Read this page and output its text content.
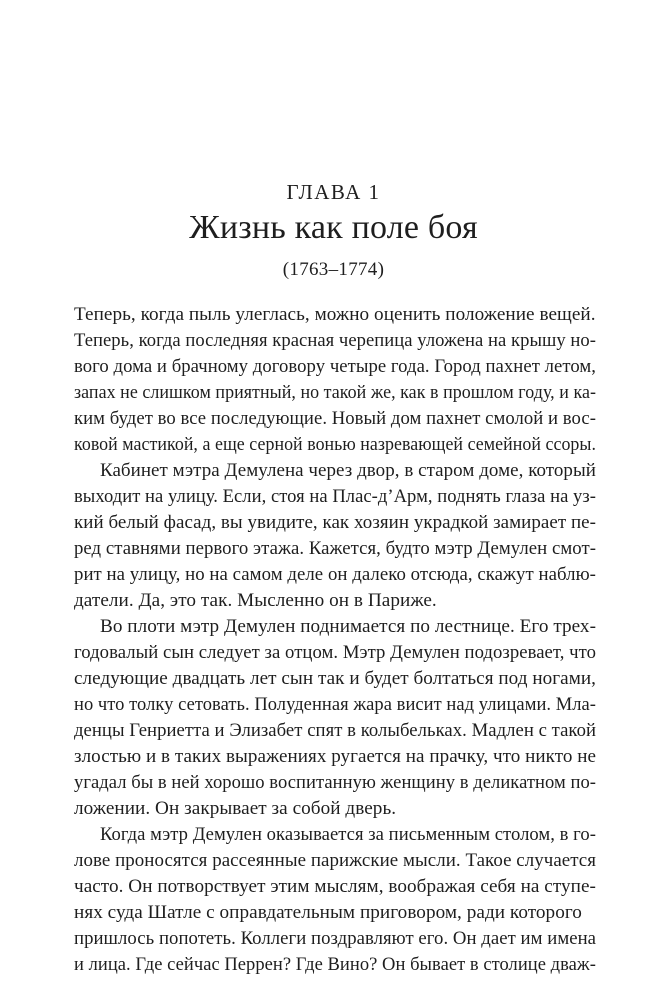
ГЛАВА 1
Жизнь как поле боя
(1763–1774)
Теперь, когда пыль улеглась, можно оценить положение вещей.
Теперь, когда последняя красная черепица уложена на крышу но-
вого дома и брачному договору четыре года. Город пахнет летом,
запах не слишком приятный, но такой же, как в прошлом году, и ка-
ким будет во все последующие. Новый дом пахнет смолой и вос-
ковой мастикой, а еще серной вонью назревающей семейной ссоры.
Кабинет мэтра Демулена через двор, в старом доме, который
выходит на улицу. Если, стоя на Плас-д’Арм, поднять глаза на уз-
кий белый фасад, вы увидите, как хозяин украдкой замирает пе-
ред ставнями первого этажа. Кажется, будто мэтр Демулен смот-
рит на улицу, но на самом деле он далеко отсюда, скажут наблю-
датели. Да, это так. Мысленно он в Париже.
Во плоти мэтр Демулен поднимается по лестнице. Его трех-
годовалый сын следует за отцом. Мэтр Демулен подозревает, что
следующие двадцать лет сын так и будет болтаться под ногами,
но что толку сетовать. Полуденная жара висит над улицами. Мла-
денцы Генриетта и Элизабет спят в колыбельках. Мадлен с такой
злостью и в таких выражениях ругается на прачку, что никто не
угадал бы в ней хорошо воспитанную женщину в деликатном по-
ложении. Он закрывает за собой дверь.
Когда мэтр Демулен оказывается за письменным столом, в го-
лове проносятся рассеянные парижские мысли. Такое случается
часто. Он потворствует этим мыслям, воображая себя на ступе-
нях суда Шатле с оправдательным приговором, ради которого
пришлось попотеть. Коллеги поздравляют его. Он дает им имена
и лица. Где сейчас Перрен? Где Вино? Он бывает в столице дваж-
